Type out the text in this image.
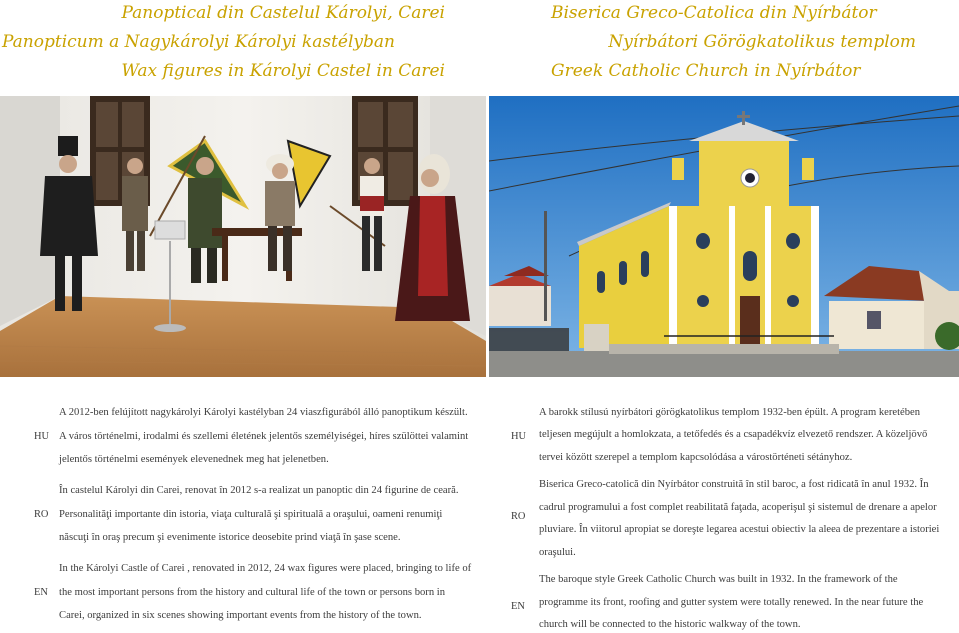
Panoptical din Castelul Károlyi, Carei
Panopticum a Nagykárolyi Károlyi kastélyban
Wax figures in Károlyi Castel in Carei
Biserica Greco-Catolica din Nyírbátor
Nyírbátori Görögkatolikus templom
Greek Catholic Church in Nyírbátor
HU
A 2012-ben felújított nagykárolyi Károlyi kastélyban 24 viaszfigurából álló panoptikum készült.
A város történelmi, irodalmi és szellemi életének jelentős személyiségei, híres szülöttei valamint
jelentős történelmi események elevenednek meg hat jelenetben.
RO
În castelul Károlyi din Carei, renovat în 2012 s-a realizat un panoptic din 24 figurine de ceară.
Personalităţi importante din istoria, viaţa culturală şi spirituală a oraşului, oameni renumiţi
născuţi în oraş precum şi evenimente istorice deosebite prind viaţă în şase scene.
EN
In the Károlyi Castle of Carei , renovated in 2012, 24 wax figures were placed, bringing to life of
the most important persons from the history and cultural life of the town or persons born in
Carei, organized in six scenes showing important events from the history of the town.
HU
A barokk stílusú nyírbátori görögkatolikus templom 1932-ben épült. A program keretében
teljesen megújult a homlokzata, a tetőfedés és a csapadékvíz elvezető rendszer. A közeljövő
tervei között szerepel a templom kapcsolódása a várostörténeti sétányhoz.
RO
Biserica Greco-catolică din Nyírbátor construită în stil baroc, a fost ridicată în anul 1932. În
cadrul programului a fost complet reabilitată faţada, acoperişul şi sistemul de drenare a apelor
pluviare. În viitorul apropiat se doreşte legarea acestui obiectiv la aleea de prezentare a istoriei
oraşului.
EN
The baroque style Greek Catholic Church was built in 1932. In the framework of the
programme its front, roofing and gutter system were totally renewed. In the near future the
church will be connected to the historic walkway of the town.
